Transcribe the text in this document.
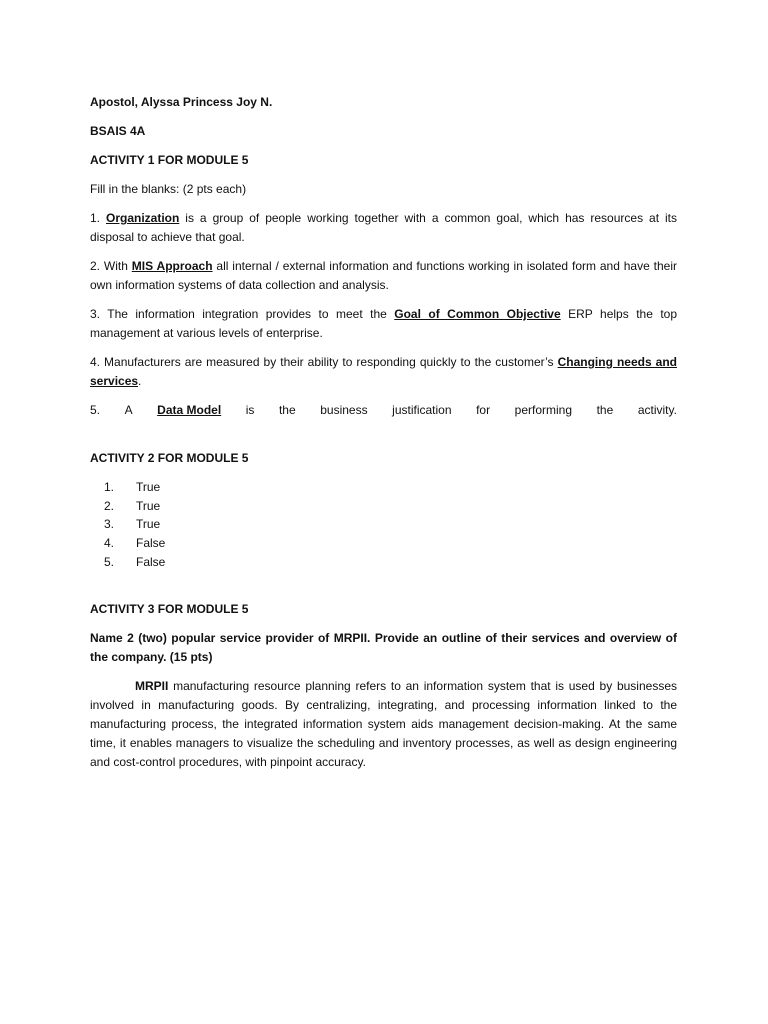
Apostol, Alyssa Princess Joy N.

BSAIS 4A

ACTIVITY 1 FOR MODULE 5

Fill in the blanks: (2 pts each)

1. Organization is a group of people working together with a common goal, which has resources at its disposal to achieve that goal.

2. With MIS Approach all internal / external information and functions working in isolated form and have their own information systems of data collection and analysis.

3. The information integration provides to meet the Goal of Common Objective ERP helps the top management at various levels of enterprise.

4. Manufacturers are measured by their ability to responding quickly to the customer’s Changing needs and services.

5. A Data Model is the business justification for performing the activity.

ACTIVITY 2 FOR MODULE 5

1. True
2. True
3. True
4. False
5. False

ACTIVITY 3 FOR MODULE 5

Name 2 (two) popular service provider of MRPII. Provide an outline of their services and overview of the company. (15 pts)

MRPII manufacturing resource planning refers to an information system that is used by businesses involved in manufacturing goods. By centralizing, integrating, and processing information linked to the manufacturing process, the integrated information system aids management decision-making. At the same time, it enables managers to visualize the scheduling and inventory processes, as well as design engineering and cost-control procedures, with pinpoint accuracy.
